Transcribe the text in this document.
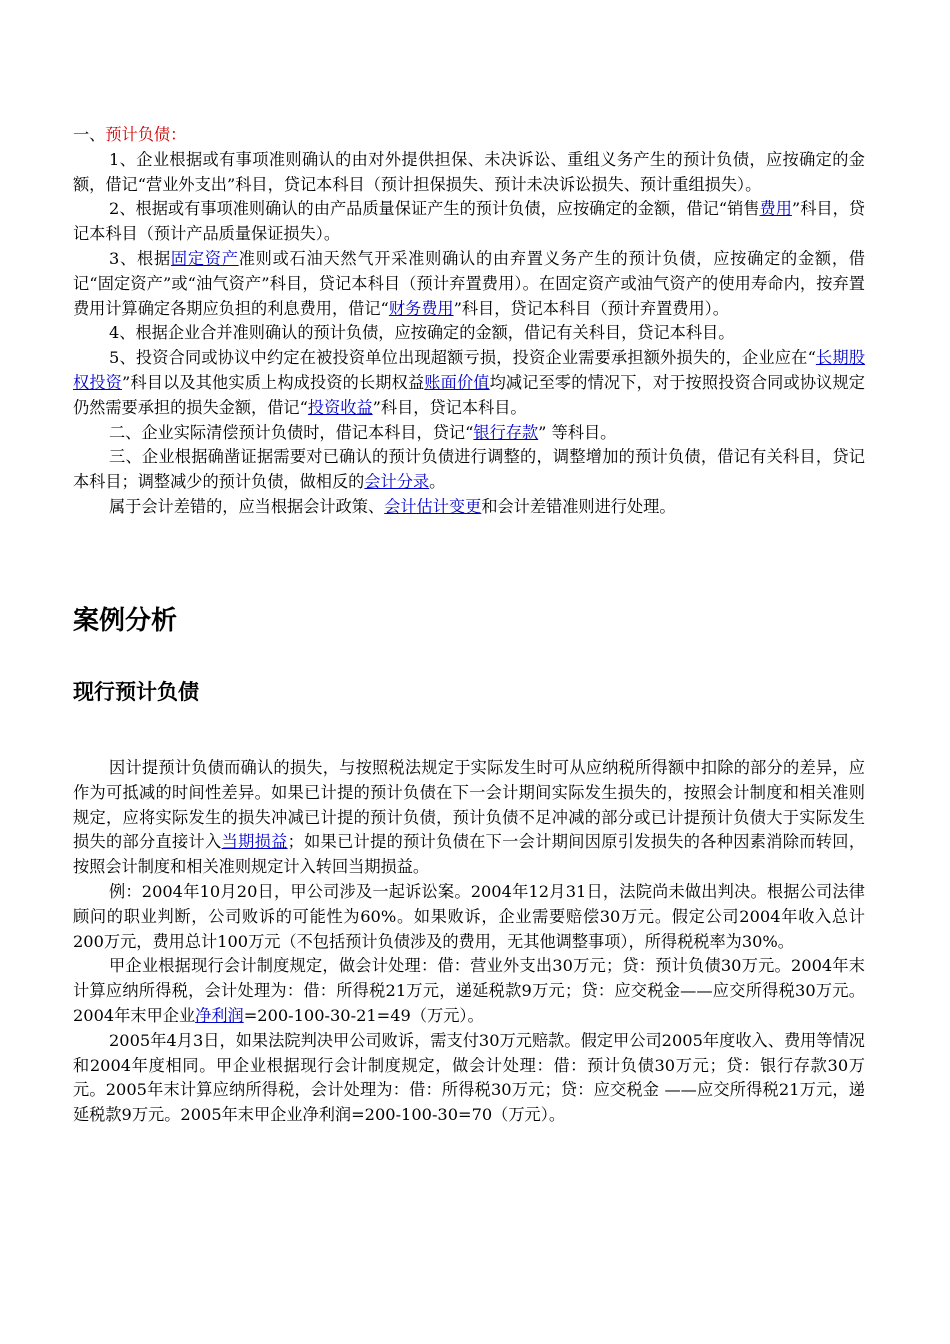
一、预计负债：

1、企业根据或有事项准则确认的由对外提供担保、未决诉讼、重组义务产生的预计负债，应按确定的金额，借记“营业外支出”科目，贷记本科目（预计担保损失、预计未决诉讼损失、预计重组损失）。

2、根据或有事项准则确认的由产品质量保证产生的预计负债，应按确定的金额，借记“销售费用”科目，贷记本科目（预计产品质量保证损失）。

3、根据固定资产准则或石油天然气开采准则确认的由弃置义务产生的预计负债，应按确定的金额，借记“固定资产”或“油气资产”科目，贷记本科目（预计弃置费用）。在固定资产或油气资产的使用寿命内，按弃置费用计算确定各期应负担的利息费用，借记“财务费用”科目，贷记本科目（预计弃置费用）。

4、根据企业合并准则确认的预计负债，应按确定的金额，借记有关科目，贷记本科目。

5、投资合同或协议中约定在被投资单位出现超额亏损，投资企业需要承担额外损失的，企业应在“长期股权投资”科目以及其他实质上构成投资的长期权益账面价值均减记至零的情况下，对于按照投资合同或协议规定仍然需要承担的损失金额，借记“投资收益”科目，贷记本科目。

二、企业实际清偿预计负债时，借记本科目，贷记“银行存款” 等科目。

三、企业根据确凿证据需要对已确认的预计负债进行调整的，调整增加的预计负债，借记有关科目，贷记本科目；调整减少的预计负债，做相反的会计分录。

属于会计差错的，应当根据会计政策、会计估计变更和会计差错准则进行处理。

案例分析
现行预计负债

因计提预计负债而确认的损失，与按照税法规定于实际发生时可从应纳税所得额中扣除的部分的差异，应作为可抵减的时间性差异。如果已计提的预计负债在下一会计期间实际发生损失的，按照会计制度和相关准则规定，应将实际发生的损失冲减已计提的预计负债，预计负债不足冲减的部分或已计提预计负债大于实际发生损失的部分直接计入当期损益；如果已计提的预计负债在下一会计期间因原引发损失的各种因素消除而转回，按照会计制度和相关准则规定计入转回当期损益。

例：2004年10月20日，甲公司涉及一起诉讼案。2004年12月31日，法院尚未做出判决。根据公司法律顾问的职业判断，公司败诉的可能性为60%。如果败诉，企业需要赔偿30万元。假定公司2004年收入总计200万元，费用总计100万元（不包括预计负债涉及的费用，无其他调整事项），所得税税率为30%。

甲企业根据现行会计制度规定，做会计处理：借：营业外支出30万元；贷：预计负债30万元。2004年末计算应纳所得税，会计处理为：借：所得税21万元，递延税款9万元；贷：应交税金——应交所得税30万元。2004年末甲企业净利润=200-100-30-21=49（万元）。

2005年4月3日，如果法院判决甲公司败诉，需支付30万元赔款。假定甲公司2005年度收入、费用等情况和2004年度相同。甲企业根据现行会计制度规定，做会计处理：借：预计负债30万元；贷：银行存款30万元。2005年末计算应纳所得税，会计处理为：借：所得税30万元；贷：应交税金 ——应交所得税21万元，递延税款9万元。2005年末甲企业净利润=200-100-30=70（万元）。
